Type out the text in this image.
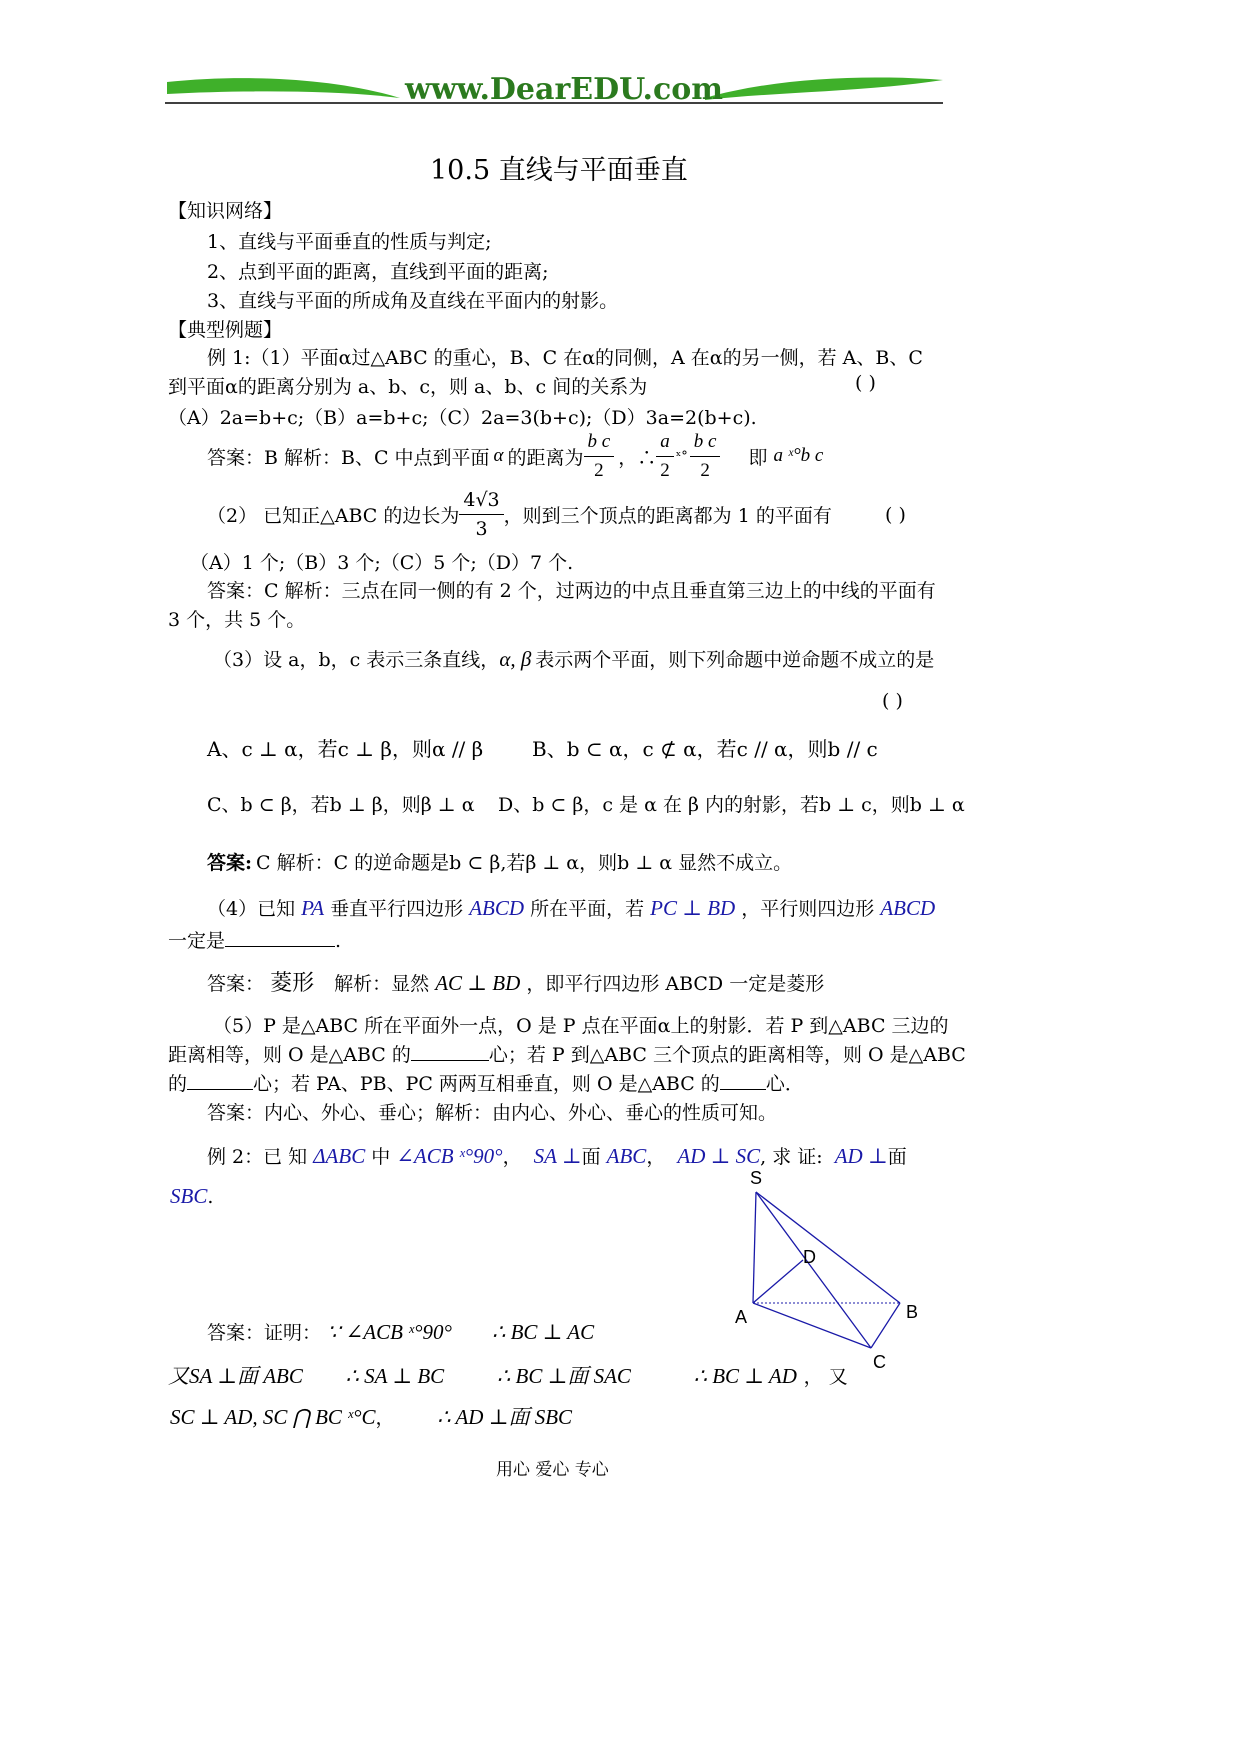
www.DearEDU.com
10.5 直线与平面垂直
【知识网络】
1、直线与平面垂直的性质与判定;
2、点到平面的距离，直线到平面的距离;
3、直线与平面的所成角及直线在平面内的射影。
【典型例题】
例 1:（1）平面α过△ABC 的重心，B、C 在α的同侧，A 在α的另一侧，若 A、B、C
到平面α的距离分别为 a、b、c，则 a、b、c 间的关系为	( )
（A）2a=b+c;（B）a=b+c;（C）2a=3(b+c);（D）3a=2(b+c).
答案：B 解析：B、C 中点到平面 α 的距离为 $\frac{\text{b c}}{2}$ ，∴ $\frac{a}{2}$ ˣ° $\frac{\text{b c}}{2}$ 即 a ˣ°b c
（2） 已知正△ABC 的边长为 $\frac{4√3}{3}$ ，则到三个顶点的距离都为 1 的平面有	( )
（A）1 个;（B）3 个;（C）5 个;（D）7 个.
答案：C 解析：三点在同一侧的有 2 个，过两边的中点且垂直第三边上的中线的平面有
3 个，共 5 个。
（3）设 a，b，c 表示三条直线，α, β 表示两个平面，则下列命题中逆命题不成立的是
( )
A、c ⊥ α，若c ⊥ β，则α // β B、b ⊂ α，c ⊄ α，若c // α，则b // c
C、b ⊂ β，若b ⊥ β，则β ⊥ α D、b ⊂ β，c 是 α 在 β 内的射影，若b ⊥ c，则b ⊥ α
答案: C 解析：C 的逆命题是b ⊂ β,若β ⊥ α，则b ⊥ α 显然不成立。
（4）已知 PA 垂直平行四边形 ABCD 所在平面，若 PC ⊥ BD ，平行则四边形 ABCD
一定是	.
答案： 菱形 解析：显然 AC ⊥ BD ，即平行四边形 ABCD 一定是菱形
（5）P 是△ABC 所在平面外一点，O 是 P 点在平面α上的射影．若 P 到△ABC 三边的
距离相等，则 O 是△ABC 的	心；若 P 到△ABC 三个顶点的距离相等，则 O 是△ABC
的	心；若 PA、PB、PC 两两互相垂直，则 O 是△ABC 的 心．
答案：内心、外心、垂心；解析：由内心、外心、垂心的性质可知。
例 2：已 知 ΔABC 中 ∠ACB ˣ°90°， SA ⊥面 ABC， AD ⊥ SC, 求 证: AD ⊥面
SBC.
S
D
A	B
C
答案：证明： ∵ ∠ACB ˣ°90° ∴ BC ⊥ AC
又SA ⊥面 ABC ∴ SA ⊥ BC	∴ BC ⊥面 SAC	∴ BC ⊥ AD ， 又
SC ⊥ AD, SC ⋂ BC ˣ°C， ∴ AD ⊥面 SBC
用心 爱心 专心
